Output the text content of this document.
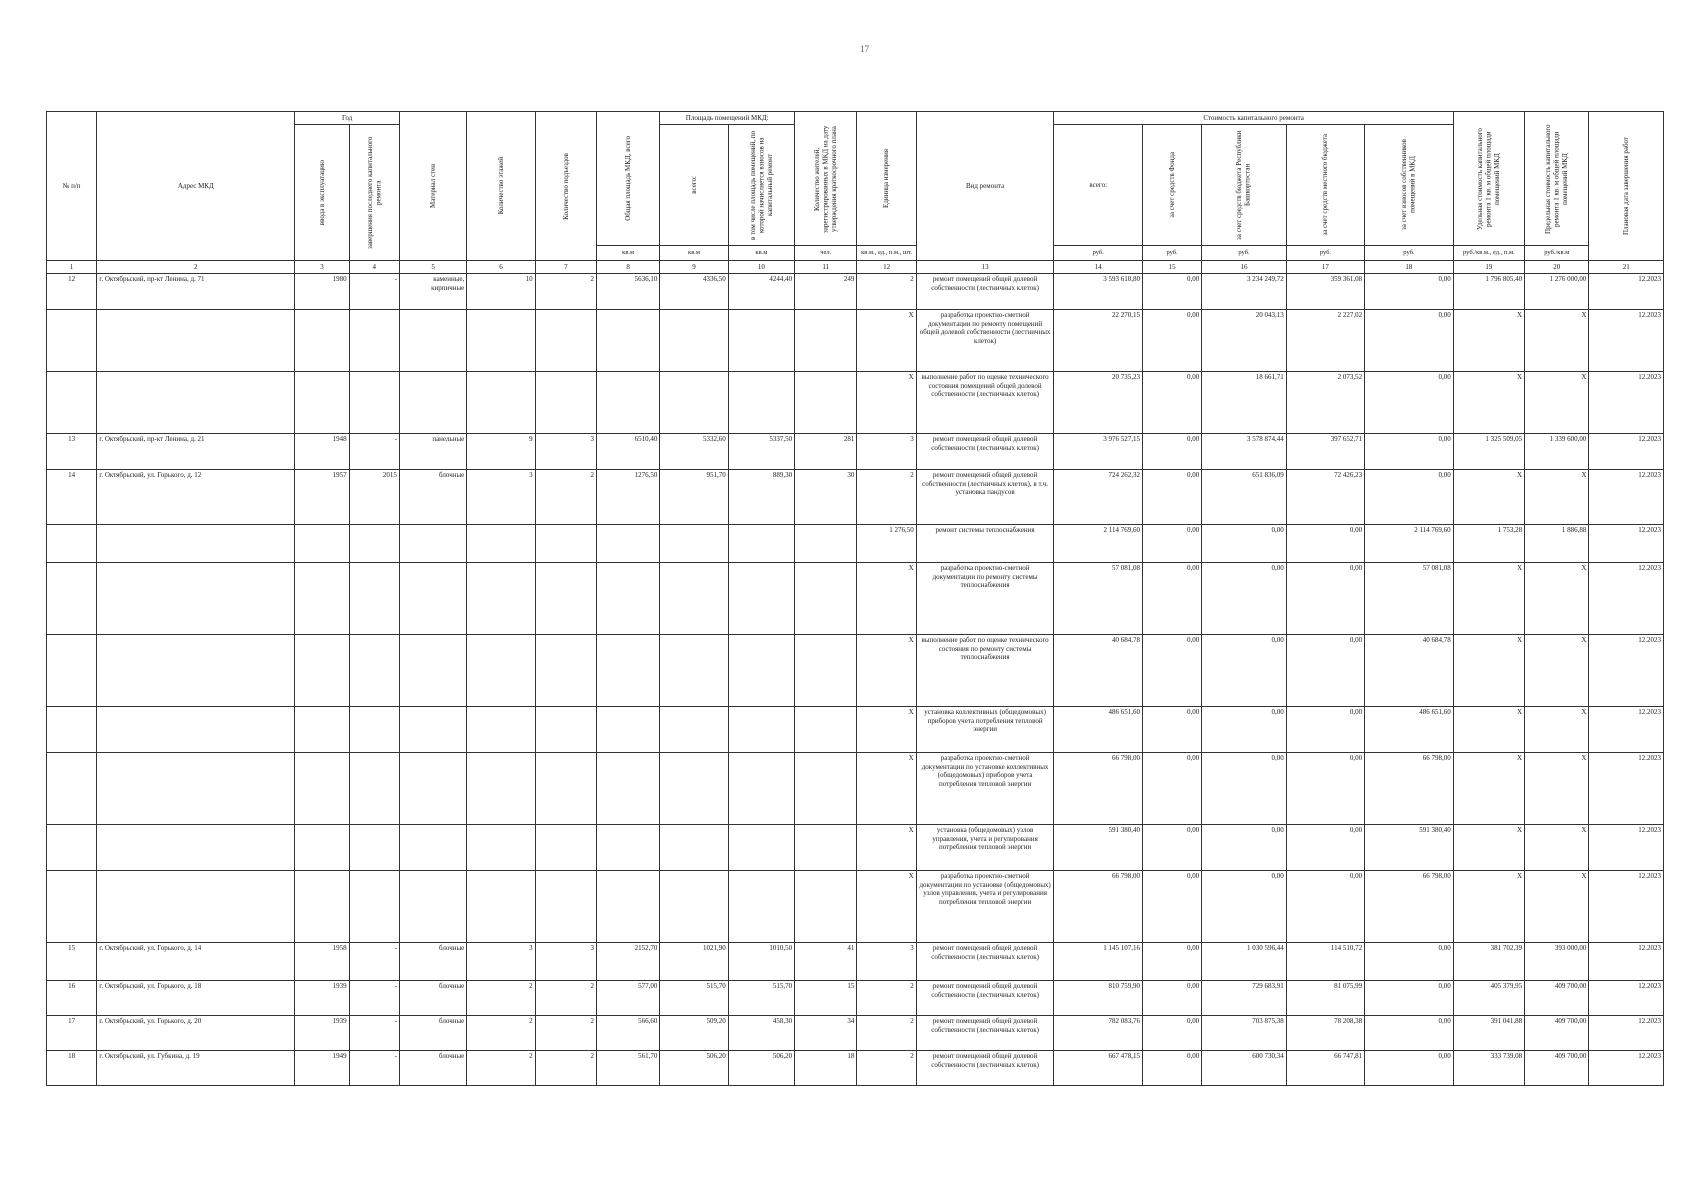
17
№ п/п	Адрес МКД	Год		Материал стен	Количество этажей	Количество подъездов	Общая площадь МКД, всего	Площадь помещений МКД:		Количество жителей, зарегистрированных в МКД на дату утверждения краткосрочного плана	Единица измерения	Вид ремонта	Стоимость капитального ремонта					Удельная стоимость капитального ремонта 1 кв. м общей площади помещений МКД	Предельная стоимость капитального ремонта 1 кв. м общей площади помещений МКД	Плановая дата завершения работ

		ввода в эксплуатацию	завершения последнего капитального ремонта					всего:	в том числе площадь помещений, по которой начисляется взносов на капитальный ремонт				всего:	за счет средств Фонда	за счет средств бюджета Республики Башкортостан	за счет средств местного бюджета	за счет взносов собственников помещений в МКД			

							кв.м	кв.м	кв.м	чел.	кв.м., ед., п.м., шт.		руб.	руб.	руб.	руб.	руб.	руб./кв.м., ед., п.м.	руб./кв.м	
1	2	3	4	5	6	7	8	9	10	11	12	13	14	15	16	17	18	19	20	21
12	г. Октябрьский, пр-кт Ленина, д. 71	1980	-	каменные, кирпичные	10	2	5636,10	4336,50	4244,40	249	2	ремонт помещений общей долевой собственности (лестничных клеток)	3 593 610,80	0,00	3 234 249,72	359 361,08	0,00	1 796 805,40	1 276 000,00	12.2023
											X	разработка проектно-сметной документации по ремонту помещений общей долевой собственности (лестничных клеток)	22 270,15	0,00	20 043,13	2 227,02	0,00	X	X	12.2023
											X	выполнение работ по оценке технического состояния помещений общей долевой собственности (лестничных клеток)	20 735,23	0,00	18 661,71	2 073,52	0,00	X	X	12.2023
13	г. Октябрьский, пр-кт Ленина, д. 21	1948	-	панельные	9	3	6510,40	5332,60	5337,50	281	3	ремонт помещений общей долевой собственности (лестничных клеток)	3 976 527,15	0,00	3 578 874,44	397 652,71	0,00	1 325 509,05	1 339 600,00	12.2023
14	г. Октябрьский, ул. Горького, д. 12	1957	2015	блочные	3	2	1276,50	951,70	889,30	30	2	ремонт помещений общей долевой собственности (лестничных клеток), в т.ч. установка пандусов	724 262,32	0,00	651 836,09	72 426,23	0,00	X	X	12.2023
											1 276,50	ремонт системы теплоснабжения	2 114 769,60	0,00	0,00	0,00	2 114 769,60	1 753,28	1 886,88	12.2023
											X	разработка проектно-сметной документации по ремонту системы теплоснабжения	57 081,08	0,00	0,00	0,00	57 081,08	X	X	12.2023
											X	выполнение работ по оценке технического состояния по ремонту системы теплоснабжения	40 684,78	0,00	0,00	0,00	40 684,78	X	X	12.2023
											X	установка коллективных (общедомовых) приборов учета потребления тепловой энергии	486 651,60	0,00	0,00	0,00	486 651,60	X	X	12.2023
											X	разработка проектно-сметной документации по установке коллективных (общедомовых) приборов учета потребления тепловой энергии	66 798,00	0,00	0,00	0,00	66 798,00	X	X	12.2023
											X	установка (общедомовых) узлов управления, учета и регулирования потребления тепловой энергии	591 380,40	0,00	0,00	0,00	591 380,40	X	X	12.2023
											X	разработка проектно-сметной документации по установке (общедомовых) узлов управления, учета и регулирования потребления тепловой энергии	66 798,00	0,00	0,00	0,00	66 798,00	X	X	12.2023
15	г. Октябрьский, ул. Горького, д. 14	1958	-	блочные	3	3	2152,70	1021,90	1010,50	41	3	ремонт помещений общей долевой собственности (лестничных клеток)	1 145 107,16	0,00	1 030 596,44	114 510,72	0,00	381 702,39	393 000,00	12.2023
16	г. Октябрьский, ул. Горького, д. 18	1939	-	блочные	2	2	577,00	515,70	515,70	15	2	ремонт помещений общей долевой собственности (лестничных клеток)	810 759,90	0,00	729 683,91	81 075,99	0,00	405 379,95	409 700,00	12.2023
17	г. Октябрьский, ул. Горького, д. 20	1939	-	блочные	2	2	566,60	509,20	458,30	34	2	ремонт помещений общей долевой собственности (лестничных клеток)	782 083,76	0,00	703 875,38	78 208,38	0,00	391 041,88	409 700,00	12.2023
18	г. Октябрьский, ул. Губкина, д. 19	1949	-	блочные	2	2	561,70	506,20	506,20	18	2	ремонт помещений общей долевой собственности (лестничных клеток)	667 478,15	0,00	600 730,34	66 747,81	0,00	333 739,08	409 700,00	12.2023
